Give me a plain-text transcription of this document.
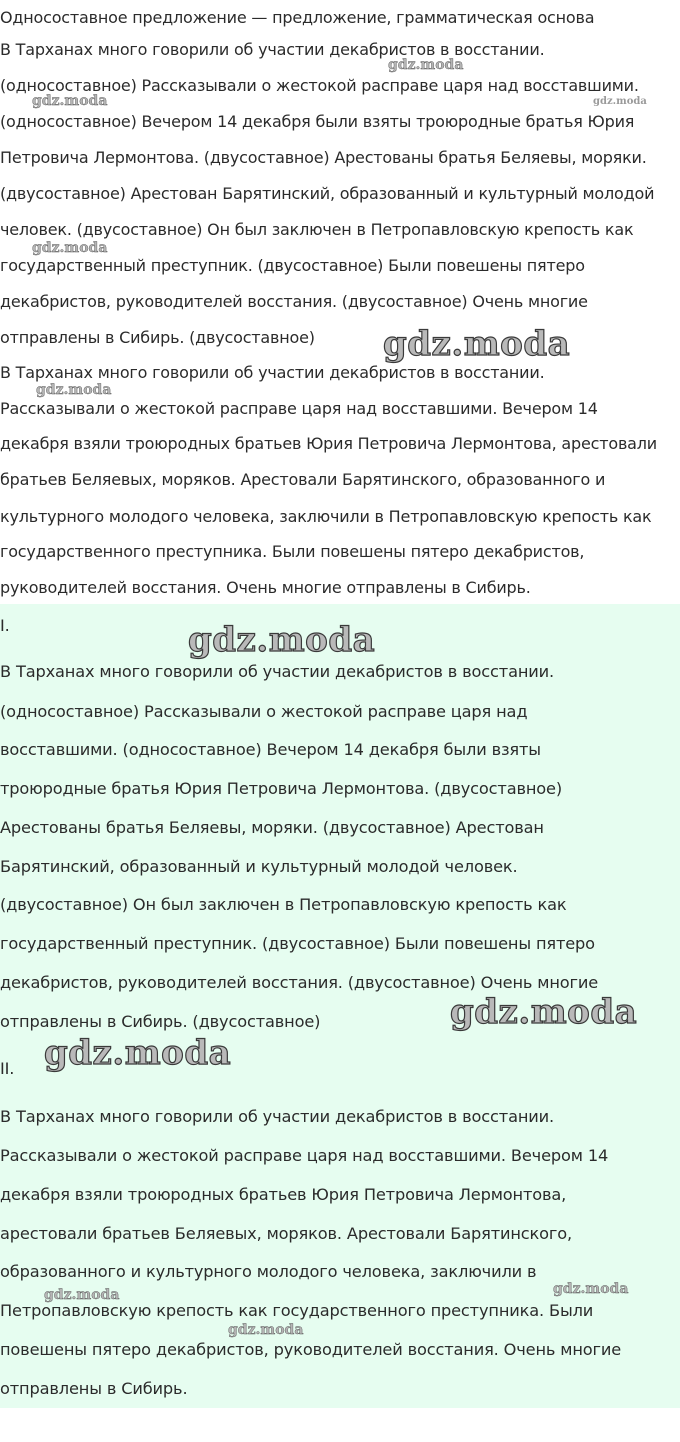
Односоставное предложение — предложение, грамматическая основа
В Тарханах много говорили об участии декабристов в восстании.
(односоставное) Рассказывали о жестокой расправе царя над восставшими.
(односоставное) Вечером 14 декабря были взяты троюродные братья Юрия
Петровича Лермонтова. (двусоставное) Арестованы братья Беляевы, моряки.
(двусоставное) Арестован Барятинский, образованный и культурный молодой
человек. (двусоставное) Он был заключен в Петропавловскую крепость как
государственный преступник. (двусоставное) Были повешены пятеро
декабристов, руководителей восстания. (двусоставное) Очень многие
отправлены в Сибирь. (двусоставное)
В Тарханах много говорили об участии декабристов в восстании.
Рассказывали о жестокой расправе царя над восставшими. Вечером 14
декабря взяли троюродных братьев Юрия Петровича Лермонтова, арестовали
братьев Беляевых, моряков. Арестовали Барятинского, образованного и
культурного молодого человека, заключили в Петропавловскую крепость как
государственного преступника. Были повешены пятеро декабристов,
руководителей восстания. Очень многие отправлены в Сибирь.
I.
В Тарханах много говорили об участии декабристов в восстании.
(односоставное) Рассказывали о жестокой расправе царя над
восставшими. (односоставное) Вечером 14 декабря были взяты
троюродные братья Юрия Петровича Лермонтова. (двусоставное)
Арестованы братья Беляевы, моряки. (двусоставное) Арестован
Барятинский, образованный и культурный молодой человек.
(двусоставное) Он был заключен в Петропавловскую крепость как
государственный преступник. (двусоставное) Были повешены пятеро
декабристов, руководителей восстания. (двусоставное) Очень многие
отправлены в Сибирь. (двусоставное)
II.
В Тарханах много говорили об участии декабристов в восстании.
Рассказывали о жестокой расправе царя над восставшими. Вечером 14
декабря взяли троюродных братьев Юрия Петровича Лермонтова,
арестовали братьев Беляевых, моряков. Арестовали Барятинского,
образованного и культурного молодого человека, заключили в
Петропавловскую крепость как государственного преступника. Были
повешены пятеро декабристов, руководителей восстания. Очень многие
отправлены в Сибирь.
gdz.moda
gdz.moda	gdz.moda
gdz.moda
gdz.moda
gdz.moda
gdz.moda
gdz.moda
gdz.moda
gdz.moda	gdz.moda
gdz.moda
